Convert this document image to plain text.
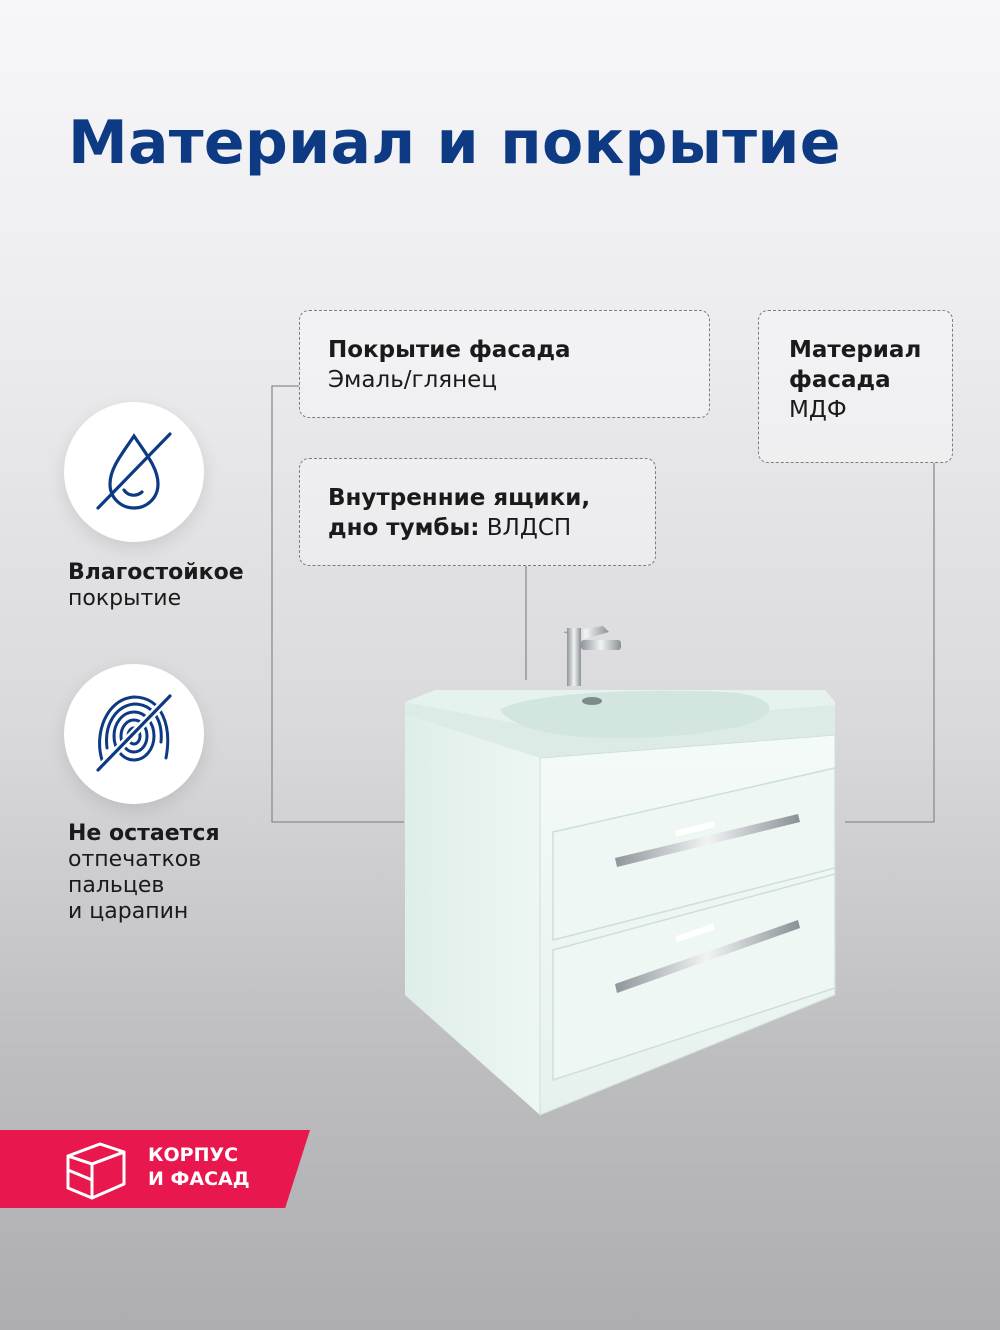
Материал и покрытие
Покрытие фасада
Эмаль/глянец
Внутренние ящики, дно тумбы: ВЛДСП
Материал фасада
МДФ
Влагостойкое
покрытие
Не остается
отпечатков
пальцев
и царапин
КОРПУС
И ФАСАД
